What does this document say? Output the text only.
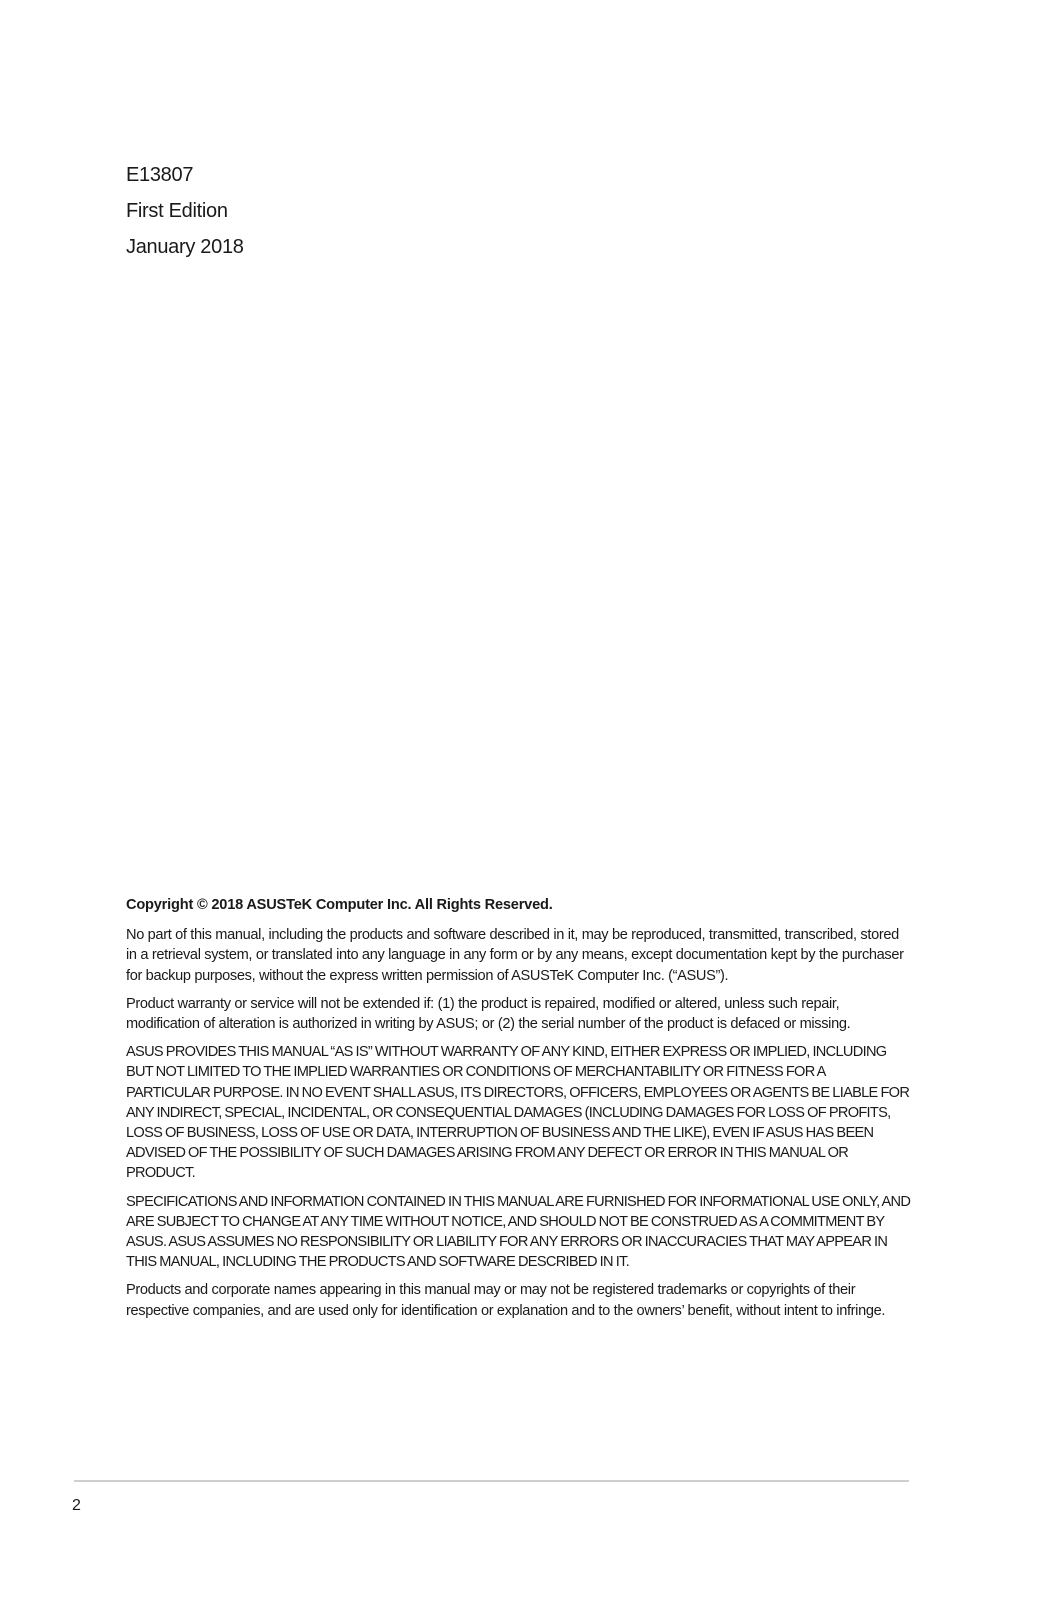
E13807
First Edition
January 2018

Copyright © 2018 ASUSTeK Computer Inc. All Rights Reserved.

No part of this manual, including the products and software described in it, may be reproduced, transmitted, transcribed, stored in a retrieval system, or translated into any language in any form or by any means, except documentation kept by the purchaser for backup purposes, without the express written permission of ASUSTeK Computer Inc. (“ASUS”).

Product warranty or service will not be extended if: (1) the product is repaired, modified or altered, unless such repair, modification of alteration is authorized in writing by ASUS; or (2) the serial number of the product is defaced or missing.

ASUS PROVIDES THIS MANUAL “AS IS” WITHOUT WARRANTY OF ANY KIND, EITHER EXPRESS OR IMPLIED, INCLUDING BUT NOT LIMITED TO THE IMPLIED WARRANTIES OR CONDITIONS OF MERCHANTABILITY OR FITNESS FOR A PARTICULAR PURPOSE. IN NO EVENT SHALL ASUS, ITS DIRECTORS, OFFICERS, EMPLOYEES OR AGENTS BE LIABLE FOR ANY INDIRECT, SPECIAL, INCIDENTAL, OR CONSEQUENTIAL DAMAGES (INCLUDING DAMAGES FOR LOSS OF PROFITS, LOSS OF BUSINESS, LOSS OF USE OR DATA, INTERRUPTION OF BUSINESS AND THE LIKE), EVEN IF ASUS HAS BEEN ADVISED OF THE POSSIBILITY OF SUCH DAMAGES ARISING FROM ANY DEFECT OR ERROR IN THIS MANUAL OR PRODUCT.

SPECIFICATIONS AND INFORMATION CONTAINED IN THIS MANUAL ARE FURNISHED FOR INFORMATIONAL USE ONLY, AND ARE SUBJECT TO CHANGE AT ANY TIME WITHOUT NOTICE, AND SHOULD NOT BE CONSTRUED AS A COMMITMENT BY ASUS. ASUS ASSUMES NO RESPONSIBILITY OR LIABILITY FOR ANY ERRORS OR INACCURACIES THAT MAY APPEAR IN THIS MANUAL, INCLUDING THE PRODUCTS AND SOFTWARE DESCRIBED IN IT.

Products and corporate names appearing in this manual may or may not be registered trademarks or copyrights of their respective companies, and are used only for identification or explanation and to the owners’ benefit, without intent to infringe.

2
